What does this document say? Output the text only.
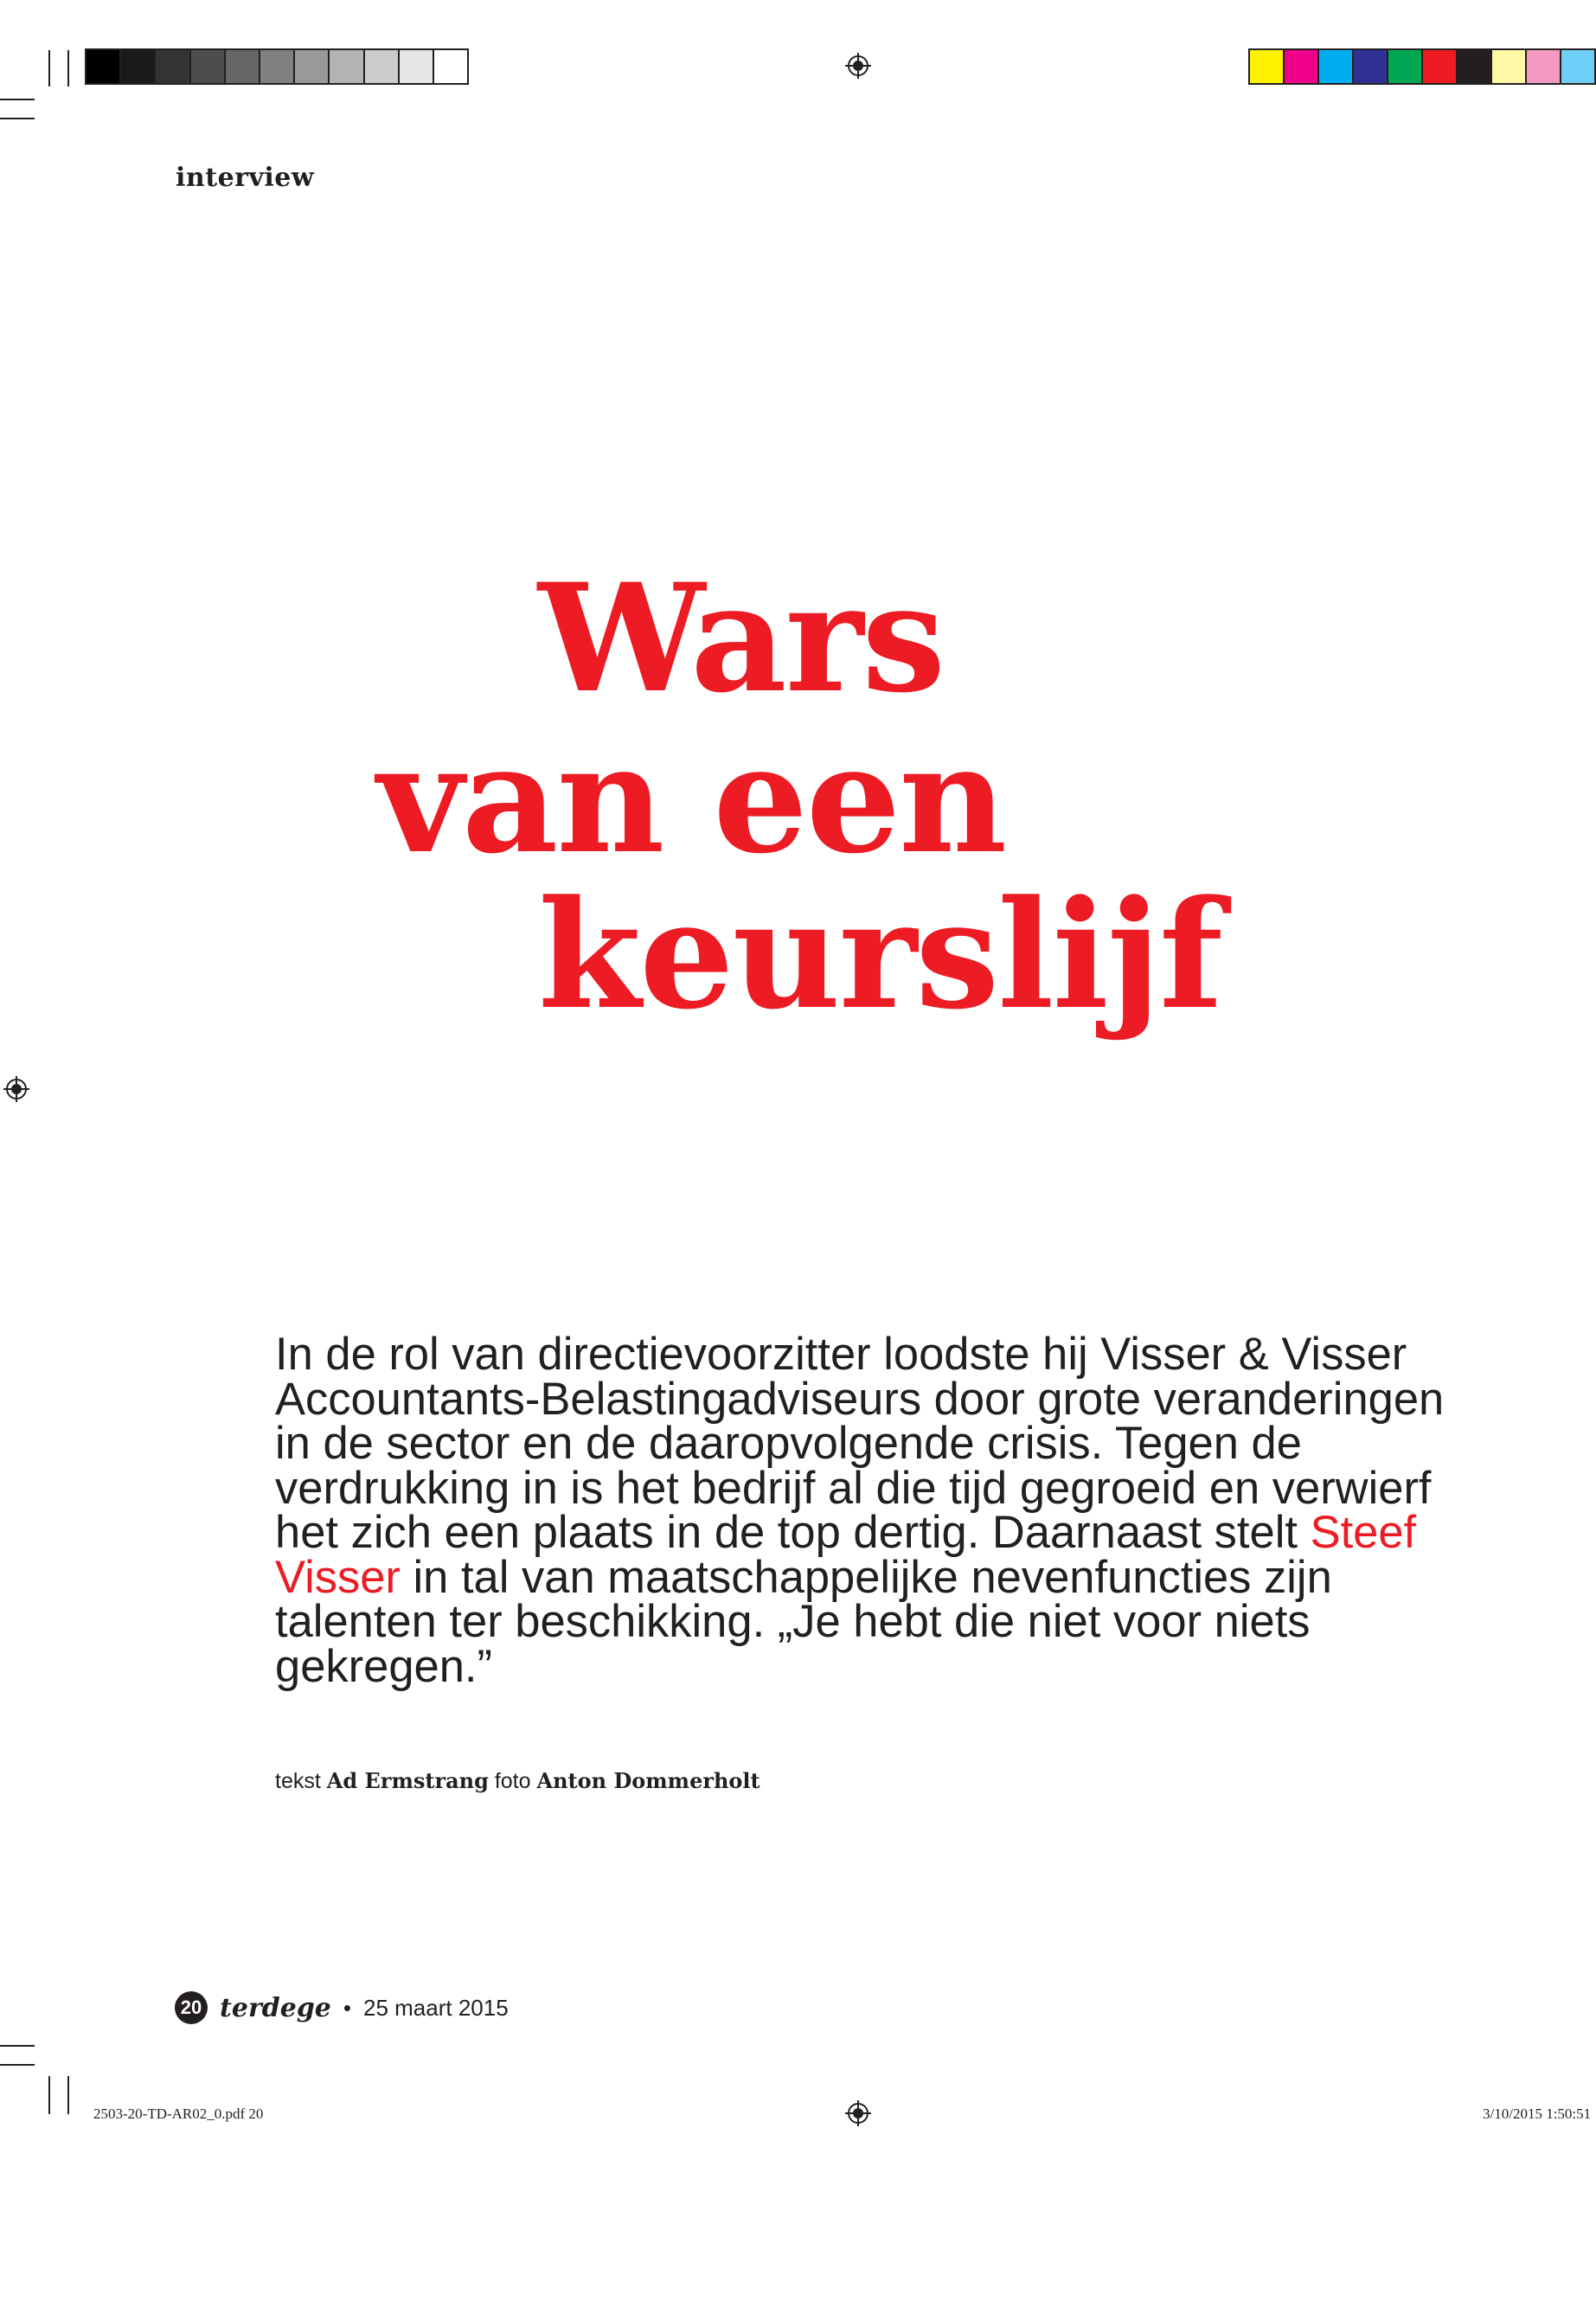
interview
Wars
van een
keurslijf
In de rol van directievoorzitter loodste hij Visser & Visser Accountants-Belastingadviseurs door grote veranderingen in de sector en de daaropvolgende crisis. Tegen de verdrukking in is het bedrijf al die tijd gegroeid en verwierf het zich een plaats in de top dertig. Daarnaast stelt Steef Visser in tal van maatschappelijke nevenfuncties zijn talenten ter beschikking. „Je hebt die niet voor niets gekregen.”
tekst Ad Ermstrang foto Anton Dommerholt
20 terdege • 25 maart 2015
2503-20-TD-AR02_0.pdf 20	3/10/2015 1:50:51
